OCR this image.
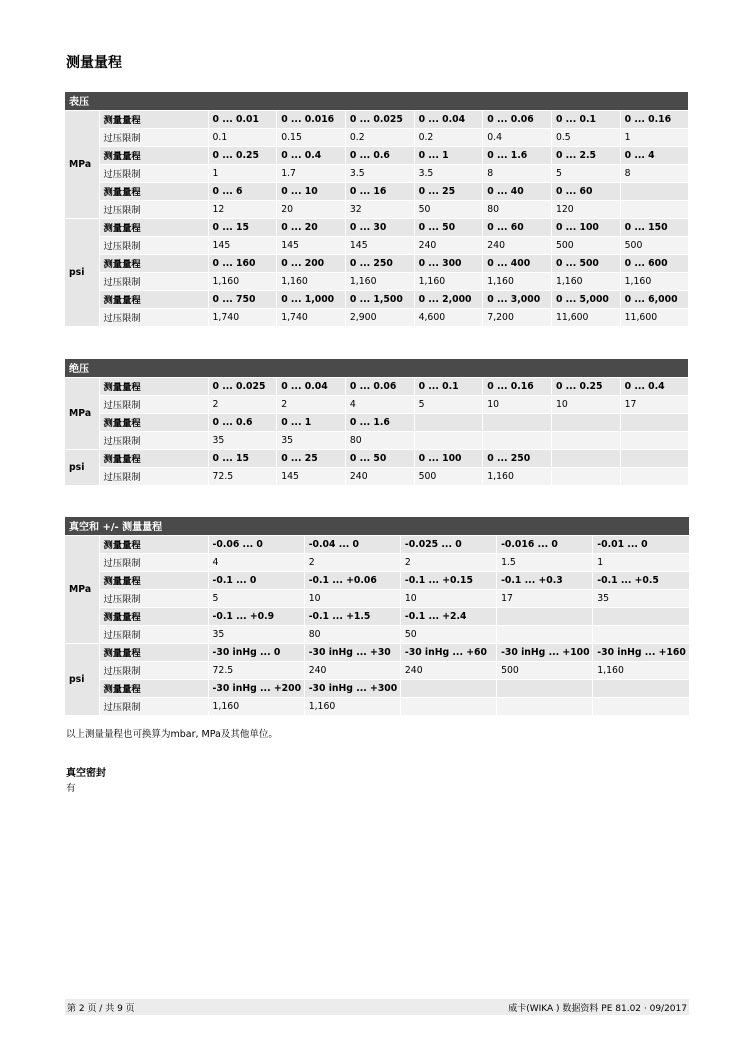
测量量程
表压								
MPa	测量量程	0 ... 0.01	0 ... 0.016	0 ... 0.025	0 ... 0.04	0 ... 0.06	0 ... 0.1	0 ... 0.16
	过压限制	0.1	0.15	0.2	0.2	0.4	0.5	1
	测量量程	0 ... 0.25	0 ... 0.4	0 ... 0.6	0 ... 1	0 ... 1.6	0 ... 2.5	0 ... 4
	过压限制	1	1.7	3.5	3.5	8	5	8
	测量量程	0 ... 6	0 ... 10	0 ... 16	0 ... 25	0 ... 40	0 ... 60	
	过压限制	12	20	32	50	80	120	
psi	测量量程	0 ... 15	0 ... 20	0 ... 30	0 ... 50	0 ... 60	0 ... 100	0 ... 150
	过压限制	145	145	145	240	240	500	500
	测量量程	0 ... 160	0 ... 200	0 ... 250	0 ... 300	0 ... 400	0 ... 500	0 ... 600
	过压限制	1,160	1,160	1,160	1,160	1,160	1,160	1,160
	测量量程	0 ... 750	0 ... 1,000	0 ... 1,500	0 ... 2,000	0 ... 3,000	0 ... 5,000	0 ... 6,000
	过压限制	1,740	1,740	2,900	4,600	7,200	11,600	11,600
绝压								
MPa	测量量程	0 ... 0.025	0 ... 0.04	0 ... 0.06	0 ... 0.1	0 ... 0.16	0 ... 0.25	0 ... 0.4
	过压限制	2	2	4	5	10	10	17
	测量量程	0 ... 0.6	0 ... 1	0 ... 1.6				
	过压限制	35	35	80				
psi	测量量程	0 ... 15	0 ... 25	0 ... 50	0 ... 100	0 ... 250		
	过压限制	72.5	145	240	500	1,160		
真空和 +/- 测量量程						
MPa	测量量程	-0.06 ... 0	-0.04 ... 0	-0.025 ... 0	-0.016 ... 0	-0.01 ... 0
	过压限制	4	2	2	1.5	1
	测量量程	-0.1 ... 0	-0.1 ... +0.06	-0.1 ... +0.15	-0.1 ... +0.3	-0.1 ... +0.5
	过压限制	5	10	10	17	35
	测量量程	-0.1 ... +0.9	-0.1 ... +1.5	-0.1 ... +2.4		
	过压限制	35	80	50		
psi	测量量程	-30 inHg ... 0	-30 inHg ... +30	-30 inHg ... +60	-30 inHg ... +100	-30 inHg ... +160
	过压限制	72.5	240	240	500	1,160
	测量量程	-30 inHg ... +200	-30 inHg ... +300			
	过压限制	1,160	1,160			
以上测量量程也可换算为mbar, MPa及其他单位。
真空密封
有
第 2 页 / 共 9 页	威卡(WIKA ) 数据资料 PE 81.02 · 09/2017
